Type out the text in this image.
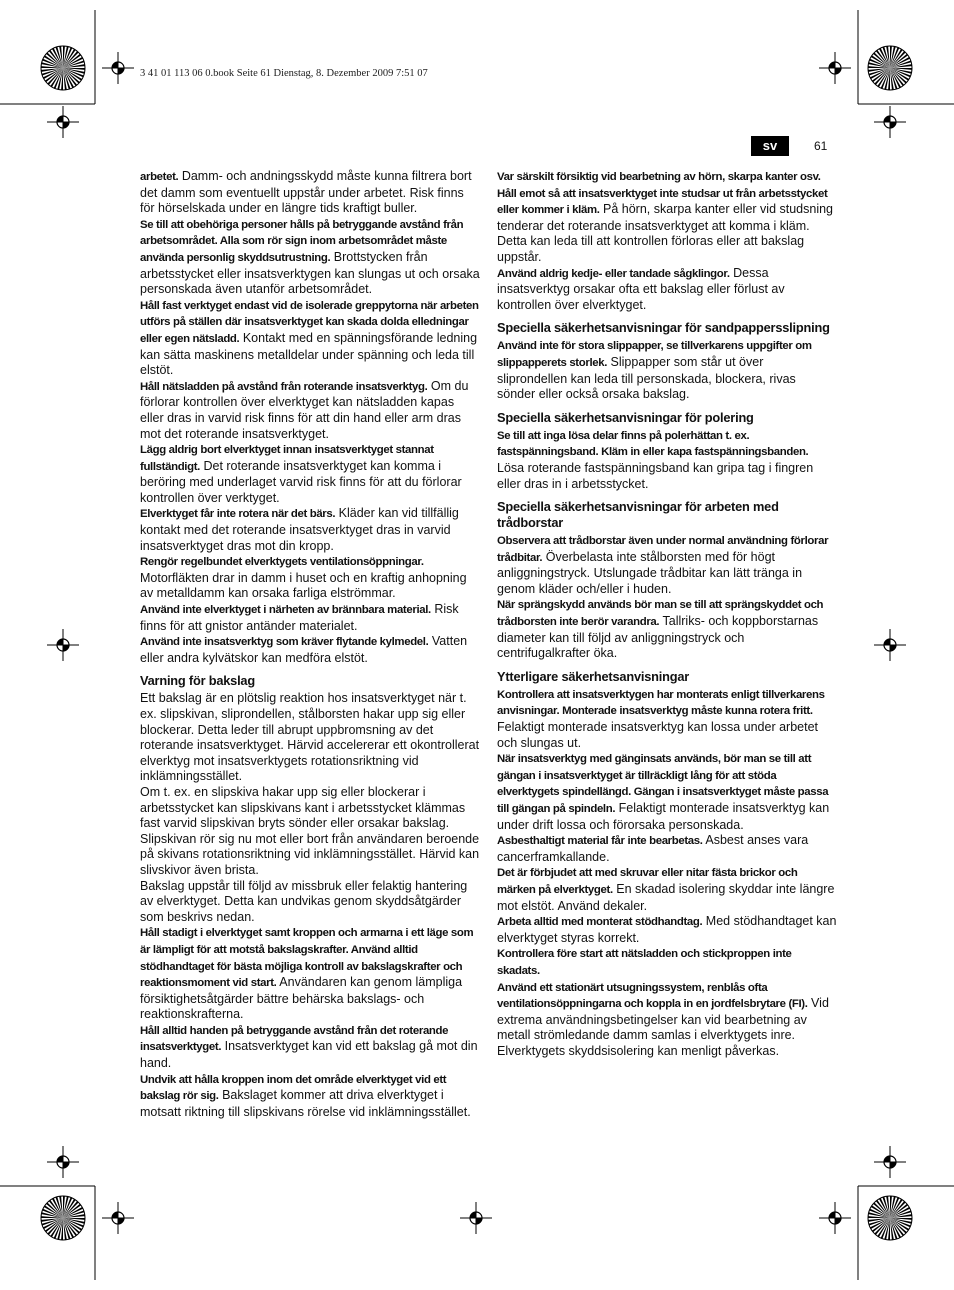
3 41 01 113 06 0.book Seite 61 Dienstag, 8. Dezember 2009 7:51 07
sv	61

arbetet. Damm- och andningsskydd måste kunna filtrera bort det damm som eventuellt uppstår under arbetet. Risk finns för hörselskada under en längre tids kraftigt buller.

Se till att obehöriga personer hålls på betryggande avstånd från arbetsområdet. Alla som rör sign inom arbetsområdet måste använda personlig skyddsutrustning. Brottstycken från arbetsstycket eller insatsverktygen kan slungas ut och orsaka personskada även utanför arbetsområdet.

Håll fast verktyget endast vid de isolerade greppytorna när arbeten utförs på ställen där insatsverktyget kan skada dolda elledningar eller egen nätsladd. Kontakt med en spänningsförande ledning kan sätta maskinens metalldelar under spänning och leda till elstöt.

Håll nätsladden på avstånd från roterande insatsverktyg. Om du förlorar kontrollen över elverktyget kan nätsladden kapas eller dras in varvid risk finns för att din hand eller arm dras mot det roterande insatsverktyget.

Lägg aldrig bort elverktyget innan insatsverktyget stannat fullständigt. Det roterande insatsverktyget kan komma i beröring med underlaget varvid risk finns för att du förlorar kontrollen över verktyget.

Elverktyget får inte rotera när det bärs. Kläder kan vid tillfällig kontakt med det roterande insatsverktyget dras in varvid insatsverktyget dras mot din kropp.

Rengör regelbundet elverktygets ventilationsöppningar. Motorfläkten drar in damm i huset och en kraftig anhopning av metalldamm kan orsaka farliga elströmmar.

Använd inte elverktyget i närheten av brännbara material. Risk finns för att gnistor antänder materialet.

Använd inte insatsverktyg som kräver flytande kylmedel. Vatten eller andra kylvätskor kan medföra elstöt.

Varning för bakslag

Ett bakslag är en plötslig reaktion hos insatsverktyget när t. ex. slipskivan, sliprondellen, stålborsten hakar upp sig eller blockerar. Detta leder till abrupt uppbromsning av det roterande insatsverktyget. Härvid accelererar ett okontrollerat elverktyg mot insatsverktygets rotationsriktning vid inklämningsstället.

Om t. ex. en slipskiva hakar upp sig eller blockerar i arbetsstycket kan slipskivans kant i arbetsstycket klämmas fast varvid slipskivan bryts sönder eller orsakar bakslag. Slipskivan rör sig nu mot eller bort från användaren beroende på skivans rotationsriktning vid inklämningsstället. Härvid kan slivskivor även brista.

Bakslag uppstår till följd av missbruk eller felaktig hantering av elverktyget. Detta kan undvikas genom skyddsåtgärder som beskrivs nedan.

Håll stadigt i elverktyget samt kroppen och armarna i ett läge som är lämpligt för att motstå bakslagskrafter. Använd alltid stödhandtaget för bästa möjliga kontroll av bakslagskrafter och reaktionsmoment vid start. Användaren kan genom lämpliga försiktighetsåtgärder bättre behärska bakslags- och reaktionskrafterna.

Håll alltid handen på betryggande avstånd från det roterande insatsverktyget. Insatsverktyget kan vid ett bakslag gå mot din hand.

Undvik att hålla kroppen inom det område elverktyget vid ett bakslag rör sig. Bakslaget kommer att driva elverktyget i motsatt riktning till slipskivans rörelse vid inklämningsstället.

Var särskilt försiktig vid bearbetning av hörn, skarpa kanter osv. Håll emot så att insatsverktyget inte studsar ut från arbetsstycket eller kommer i kläm. På hörn, skarpa kanter eller vid studsning tenderar det roterande insatsverktyget att komma i kläm. Detta kan leda till att kontrollen förloras eller att bakslag uppstår.

Använd aldrig kedje- eller tandade sågklingor. Dessa insatsverktyg orsakar ofta ett bakslag eller förlust av kontrollen över elverktyget.

Speciella säkerhetsanvisningar för sandpappersslipning

Använd inte för stora slippapper, se tillverkarens uppgifter om slippapperets storlek. Slippapper som står ut över sliprondellen kan leda till personskada, blockera, rivas sönder eller också orsaka bakslag.

Speciella säkerhetsanvisningar för polering

Se till att inga lösa delar finns på polerhättan t. ex. fastspänningsband. Kläm in eller kapa fastspänningsbanden. Lösa roterande fastspänningsband kan gripa tag i fingren eller dras in i arbetsstycket.

Speciella säkerhetsanvisningar för arbeten med trådborstar

Observera att trådborstar även under normal användning förlorar trådbitar. Överbelasta inte stålborsten med för högt anliggningstryck. Utslungade trådbitar kan lätt tränga in genom kläder och/eller i huden.

När sprängskydd används bör man se till att sprängskyddet och trådborsten inte berör varandra. Tallriks- och koppborstarnas diameter kan till följd av anliggningstryck och centrifugalkrafter öka.

Ytterligare säkerhetsanvisningar

Kontrollera att insatsverktygen har monterats enligt tillverkarens anvisningar. Monterade insatsverktyg måste kunna rotera fritt. Felaktigt monterade insatsverktyg kan lossa under arbetet och slungas ut.

När insatsverktyg med gänginsats används, bör man se till att gängan i insatsverktyget är tillräckligt lång för att stöda elverktygets spindellängd. Gängan i insatsverktyget måste passa till gängan på spindeln. Felaktigt monterade insatsverktyg kan under drift lossa och förorsaka personskada.

Asbesthaltigt material får inte bearbetas. Asbest anses vara cancerframkallande.

Det är förbjudet att med skruvar eller nitar fästa brickor och märken på elverktyget. En skadad isolering skyddar inte längre mot elstöt. Använd dekaler.

Arbeta alltid med monterat stödhandtag. Med stödhandtaget kan elverktyget styras korrekt.

Kontrollera före start att nätsladden och stickproppen inte skadats.

Använd ett stationärt utsugningssystem, renblås ofta ventilationsöppningarna och koppla in en jordfelsbrytare (FI). Vid extrema användningsbetingelser kan vid bearbetning av metall strömledande damm samlas i elverktygets inre. Elverktygets skyddsisolering kan menligt påverkas.
